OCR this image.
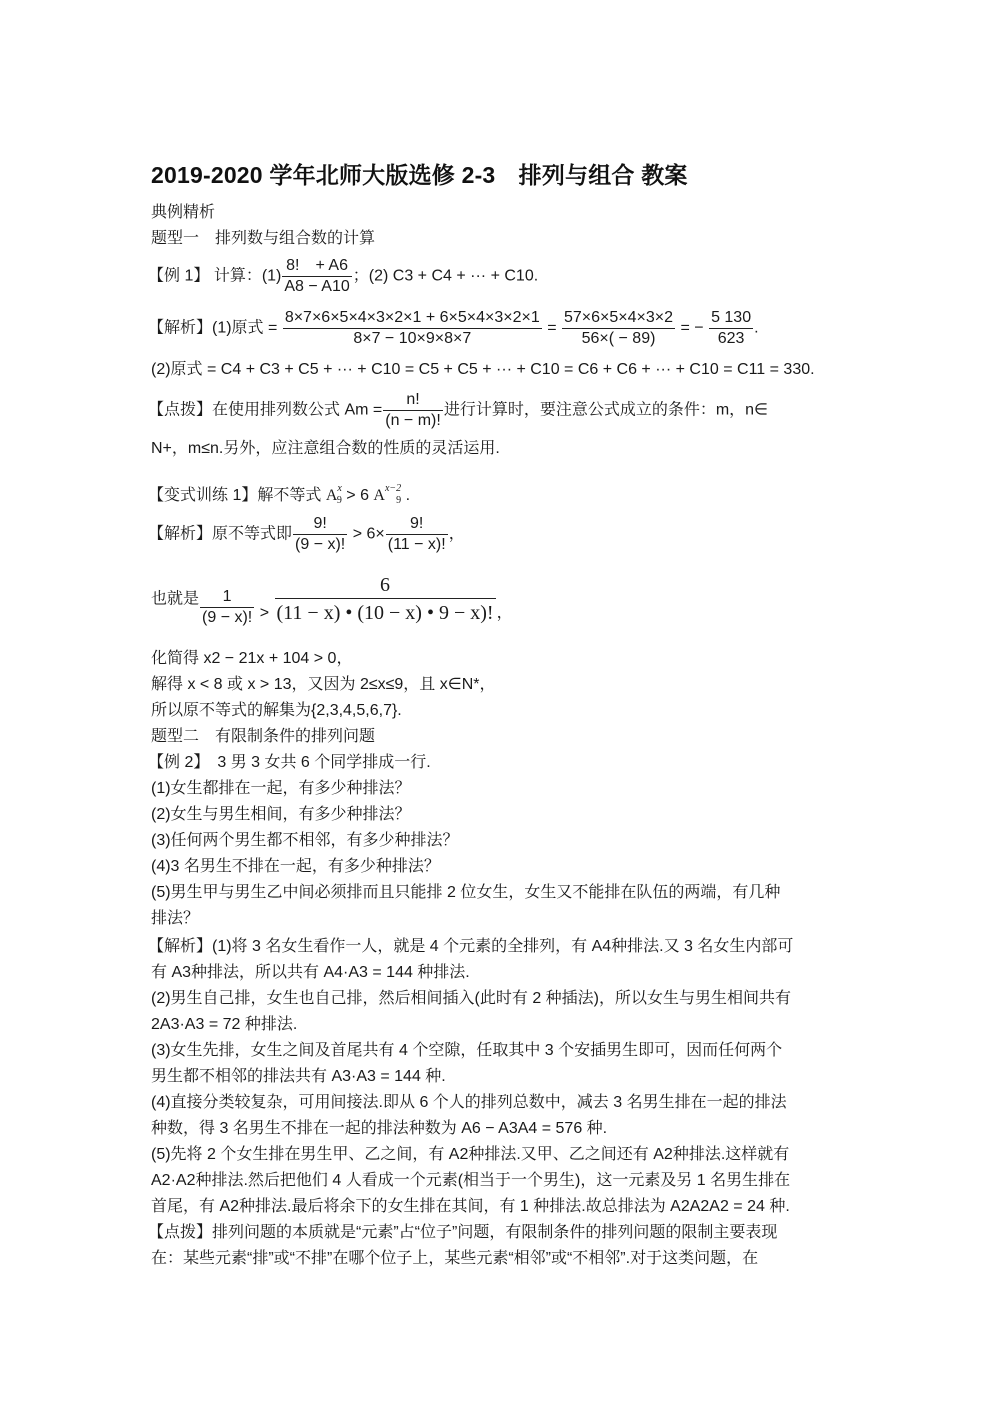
2019-2020 学年北师大版选修 2-3　排列与组合 教案
典例精析
题型一　排列数与组合数的计算
【例 1】 计算：$(1) \frac{8! + A6}{A8 - A10}$ ；(2) C3 + C4 + ··· + C10.
【解析】(1)原式 = $\frac{8\times 7\times 6\times 5\times 4\times 3\times 2\times 1 + 6\times 5\times 4\times 3\times 2\times 1}{8\times 7 - 10\times 9\times 8\times 7} = \frac{57\times 6\times 5\times 4\times 3\times 2}{56\times( - 89)}$ = − $\frac{5 130}{623}$ .
(2)原式 = C4 + C3 + C5 + ··· + C10 = C5 + C5 + ··· + C10 = C6 + C6 + ··· + C10 = C11 = 330.
【点拨】在使用排列数公式 $Am = \frac{n!}{(n - m)!}$ 进行计算时，要注意公式成立的条件：m，n∈
N+，m≤n.另外，应注意组合数的性质的灵活运用.
【变式训练 1】解不等式 $A^x_9 > 6$ $A^{x-2}_9$ .
【解析】原不等式即 $\frac{9!}{(9 - x)!} > 6\times \frac{9!}{(11 - x)!}$ ，
也就是 $\frac{1}{(9 - x)!} > \frac{6}{(11 - x) • (10 - x) • 9 - x)!}$ ，
化简得 x2 − 21x + 104 > 0，
解得 x < 8 或 x > 13，又因为 2≤x≤9，且 x∈N*，
所以原不等式的解集为{2,3,4,5,6,7}.
题型二　有限制条件的排列问题
【例 2】　3 男 3 女共 6 个同学排成一行.
(1)女生都排在一起，有多少种排法？
(2)女生与男生相间，有多少种排法？
(3)任何两个男生都不相邻，有多少种排法？
(4)3 名男生不排在一起，有多少种排法？
(5)男生甲与男生乙中间必须排而且只能排 2 位女生，女生又不能排在队伍的两端，有几种
排法？
【解析】(1)将 3 名女生看作一人，就是 4 个元素的全排列，有 A4种排法.又 3 名女生内部可
有 A3种排法，所以共有 A4·A3 = 144 种排法.
(2)男生自己排，女生也自己排，然后相间插入(此时有 2 种插法)，所以女生与男生相间共有
2A3·A3 = 72 种排法.
(3)女生先排，女生之间及首尾共有 4 个空隙，任取其中 3 个安插男生即可，因而任何两个
男生都不相邻的排法共有 A3·A3 = 144 种.
(4)直接分类较复杂，可用间接法.即从 6 个人的排列总数中，减去 3 名男生排在一起的排法
种数，得 3 名男生不排在一起的排法种数为 A6 − A3A4 = 576 种.
(5)先将 2 个女生排在男生甲、乙之间，有 A2种排法.又甲、乙之间还有 A2种排法.这样就有
A2·A2种排法.然后把他们 4 人看成一个元素(相当于一个男生)，这一元素及另 1 名男生排在
首尾，有 A2种排法.最后将余下的女生排在其间，有 1 种排法.故总排法为 A2A2A2 = 24 种.
【点拨】排列问题的本质就是“元素”占“位子”问题，有限制条件的排列问题的限制主要表现
在：某些元素“排”或“不排”在哪个位子上，某些元素“相邻”或“不相邻”.对于这类问题，在
